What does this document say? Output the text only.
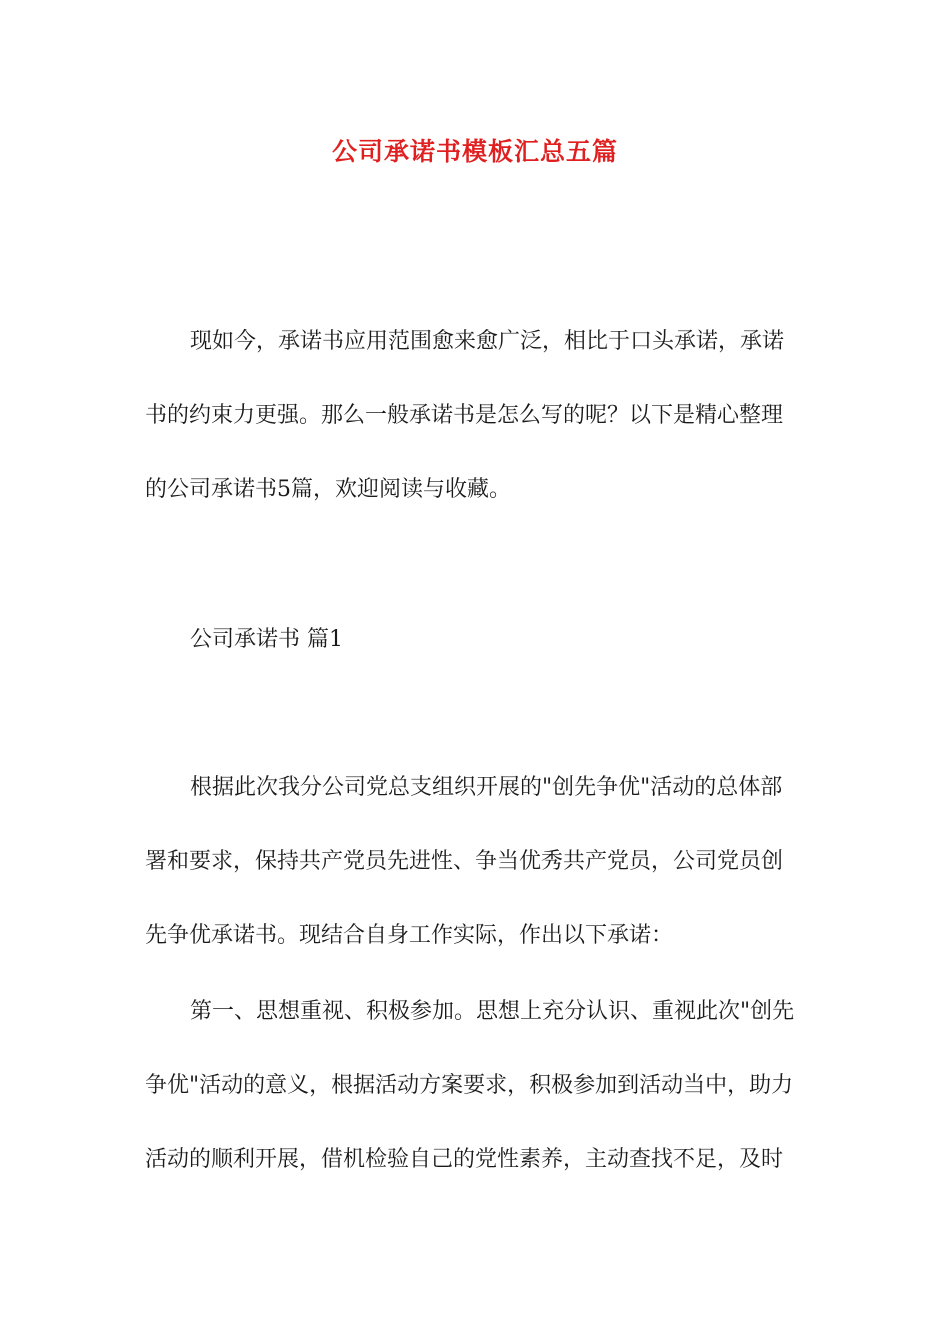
公司承诺书模板汇总五篇

现如今，承诺书应用范围愈来愈广泛，相比于口头承诺，承诺

书的约束力更强。那么一般承诺书是怎么写的呢？以下是精心整理

的公司承诺书5篇，欢迎阅读与收藏。

公司承诺书 篇1

根据此次我分公司党总支组织开展的"创先争优"活动的总体部

署和要求，保持共产党员先进性、争当优秀共产党员，公司党员创

先争优承诺书。现结合自身工作实际，作出以下承诺：

第一、思想重视、积极参加。思想上充分认识、重视此次"创先

争优"活动的意义，根据活动方案要求，积极参加到活动当中，助力

活动的顺利开展，借机检验自己的党性素养，主动查找不足，及时
